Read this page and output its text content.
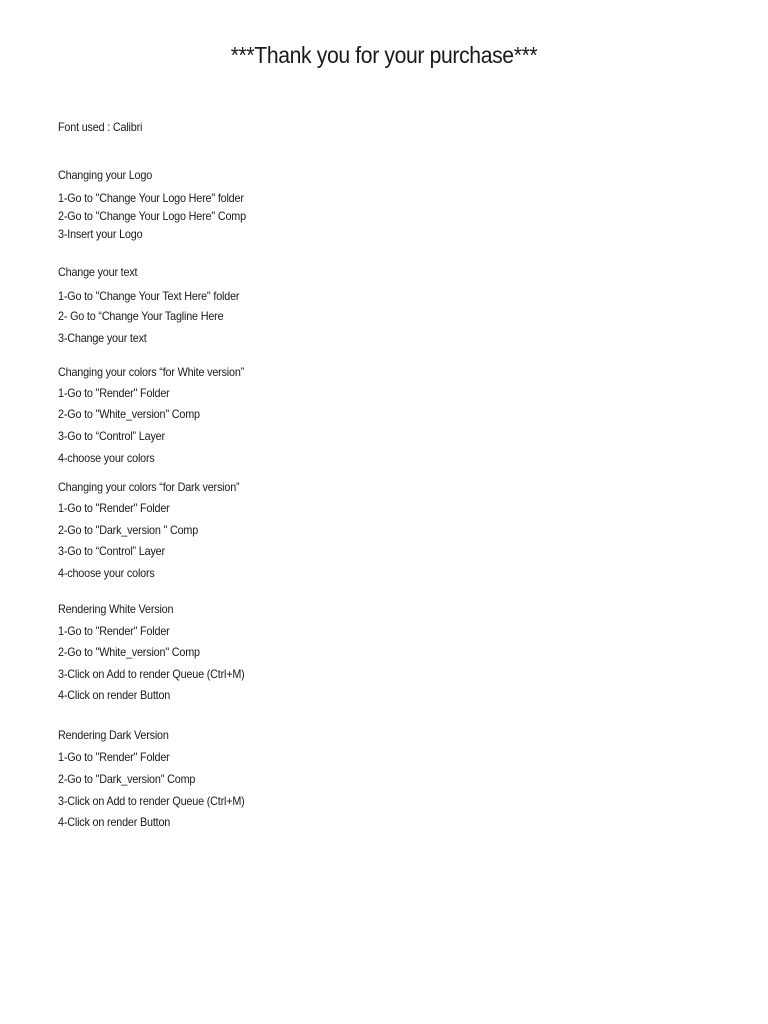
***Thank you for your purchase***
Font used : Calibri
Changing your Logo
1-Go to "Change Your Logo Here" folder
2-Go to "Change Your Logo Here" Comp
3-Insert your Logo
Change your text
1-Go to "Change Your Text Here" folder
2- Go to “Change Your Tagline Here
3-Change your text
Changing your colors “for White version”
1-Go to "Render" Folder
2-Go to "White_version" Comp
3-Go to “Control” Layer
4-choose your colors
Changing your colors “for Dark version”
1-Go to "Render" Folder
2-Go to "Dark_version " Comp
3-Go to “Control” Layer
4-choose your colors
Rendering White Version
1-Go to "Render" Folder
2-Go to "White_version" Comp
3-Click on Add to render Queue (Ctrl+M)
4-Click on render Button
Rendering Dark Version
1-Go to "Render" Folder
2-Go to "Dark_version" Comp
3-Click on Add to render Queue (Ctrl+M)
4-Click on render Button
